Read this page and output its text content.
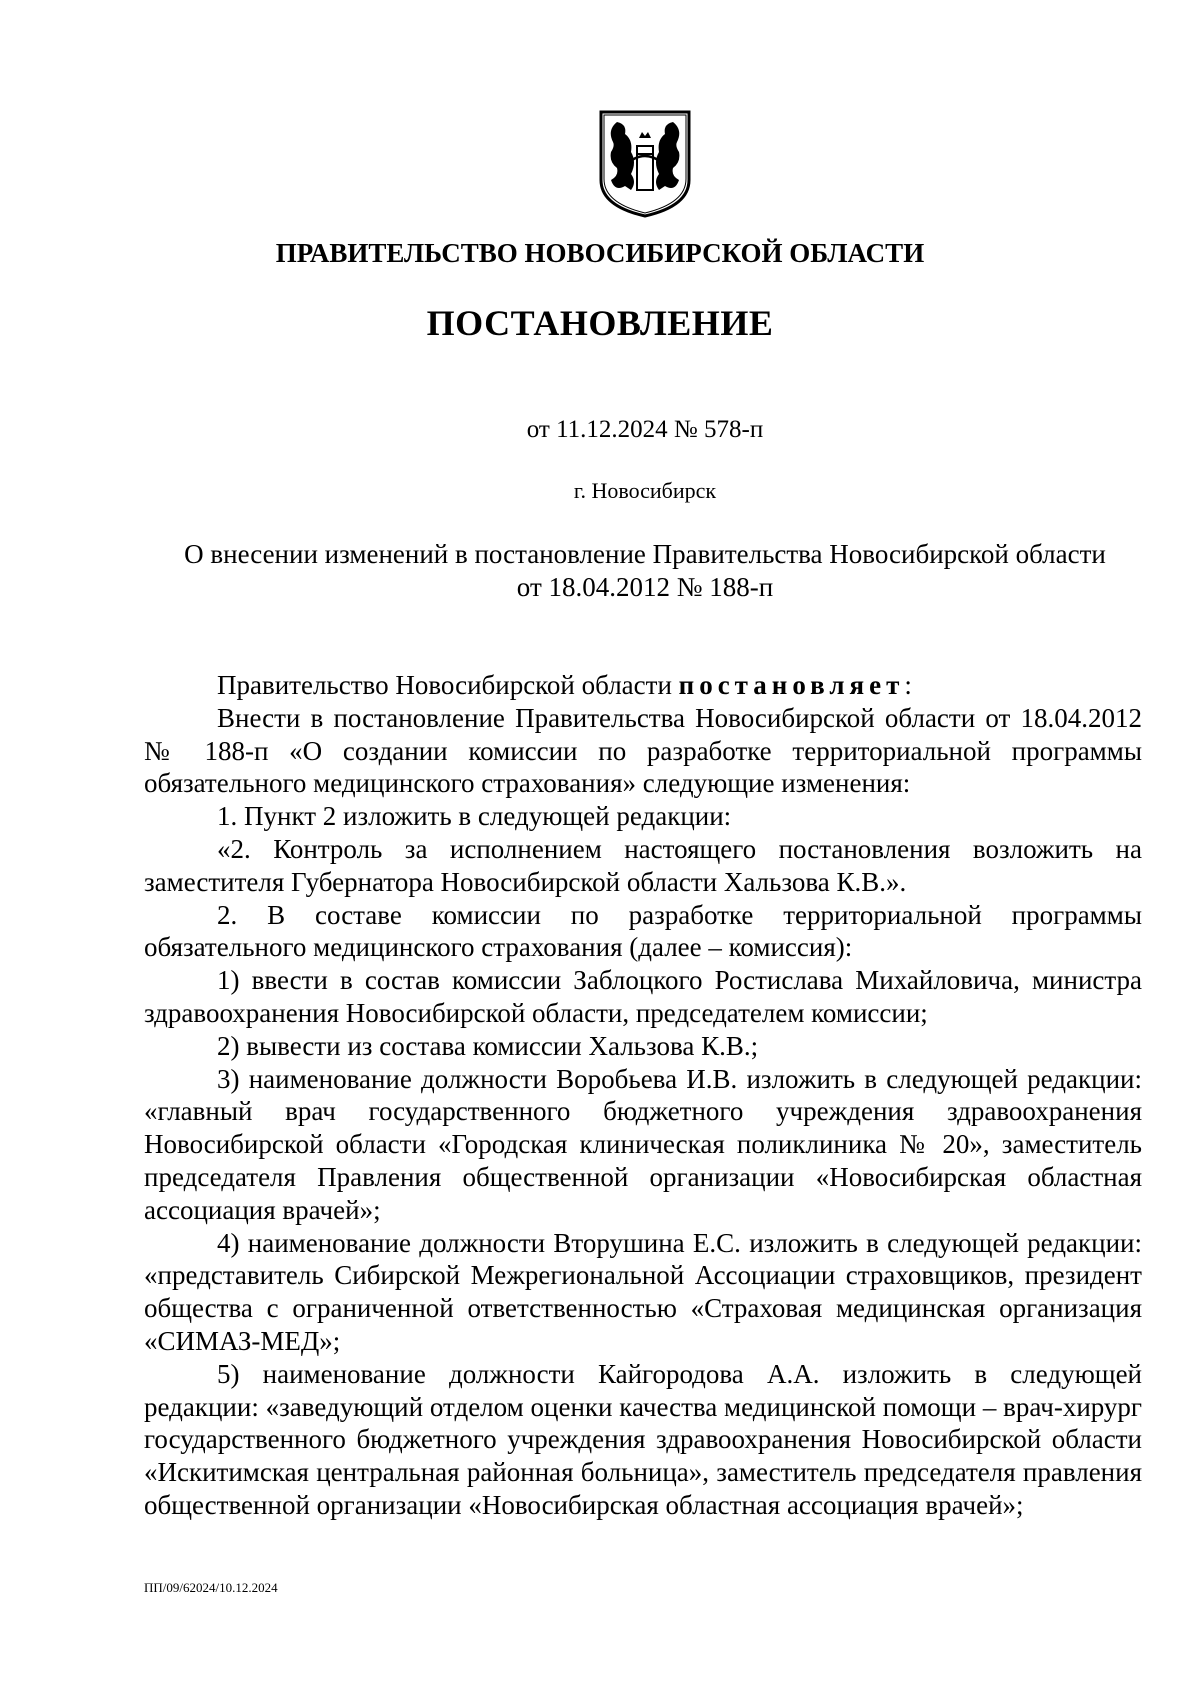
ПРАВИТЕЛЬСТВО НОВОСИБИРСКОЙ ОБЛАСТИ
ПОСТАНОВЛЕНИЕ
от 11.12.2024 № 578-п
г. Новосибирск
О внесении изменений в постановление Правительства Новосибирской области
от 18.04.2012 № 188-п

Правительство Новосибирской области постановляет:

Внести в постановление Правительства Новосибирской области от 18.04.2012 № 188-п «О создании комиссии по разработке территориальной программы обязательного медицинского страхования» следующие изменения:

1. Пункт 2 изложить в следующей редакции:

«2. Контроль за исполнением настоящего постановления возложить на заместителя Губернатора Новосибирской области Хальзова К.В.».

2. В составе комиссии по разработке территориальной программы обязательного медицинского страхования (далее – комиссия):

1) ввести в состав комиссии Заблоцкого Ростислава Михайловича, министра здравоохранения Новосибирской области, председателем комиссии;

2) вывести из состава комиссии Хальзова К.В.;

3) наименование должности Воробьева И.В. изложить в следующей редакции: «главный врач государственного бюджетного учреждения здравоохранения Новосибирской области «Городская клиническая поликлиника № 20», заместитель председателя Правления общественной организации «Новосибирская областная ассоциация врачей»;

4) наименование должности Вторушина Е.С. изложить в следующей редакции: «представитель Сибирской Межрегиональной Ассоциации страховщиков, президент общества с ограниченной ответственностью «Страховая медицинская организация «СИМАЗ-МЕД»;

5) наименование должности Кайгородова А.А. изложить в следующей редакции: «заведующий отделом оценки качества медицинской помощи – врач-хирург государственного бюджетного учреждения здравоохранения Новосибирской области «Искитимская центральная районная больница», заместитель председателя правления общественной организации «Новосибирская областная ассоциация врачей»;

ПП/09/62024/10.12.2024
